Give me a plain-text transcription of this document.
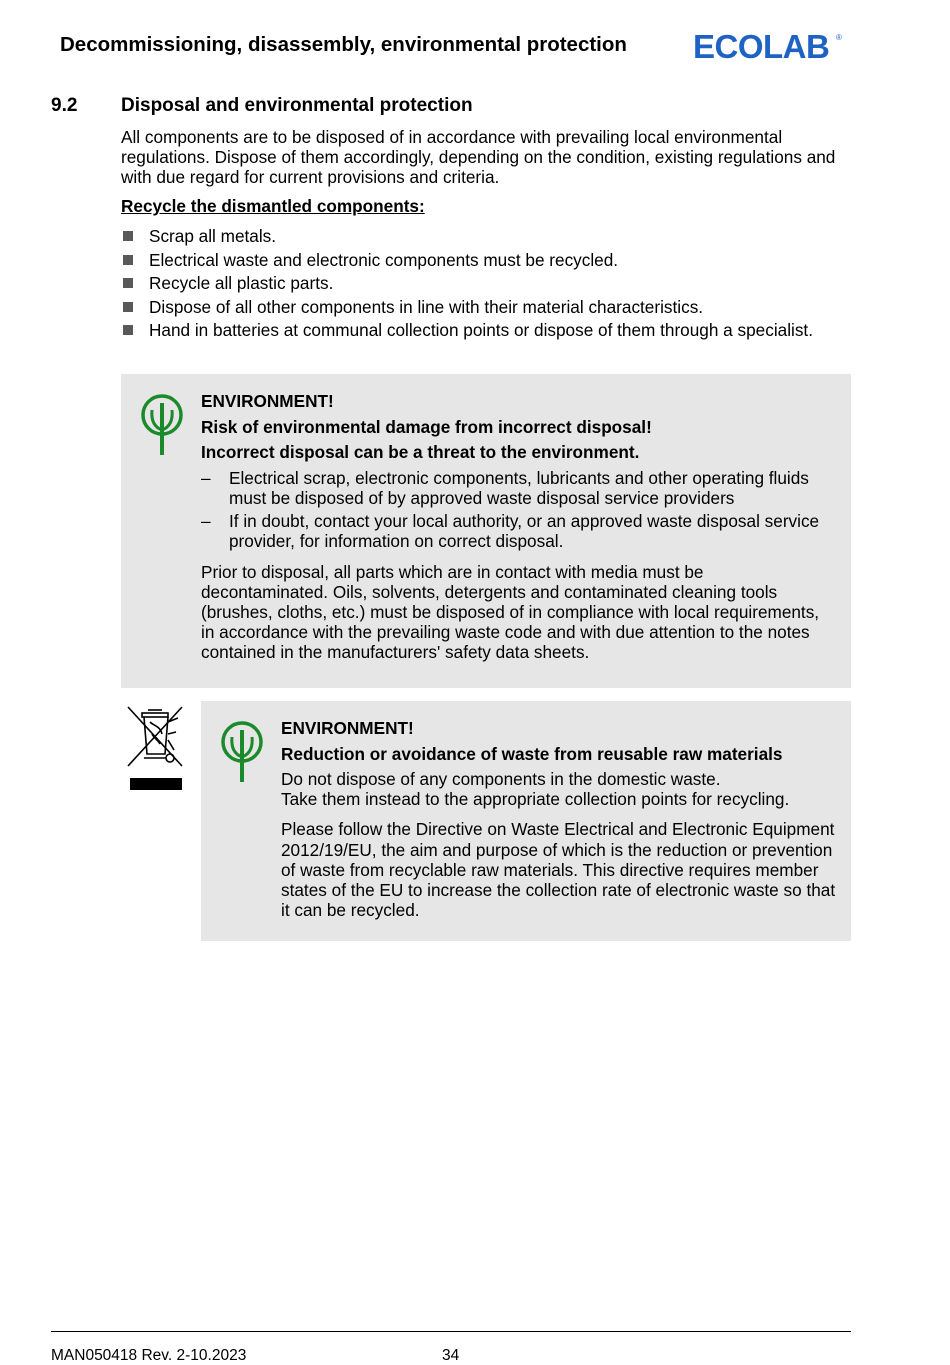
Decommissioning, disassembly, environmental protection ECOLAB ®
9.2 Disposal and environmental protection

All components are to be disposed of in accordance with prevailing local environmental regulations. Dispose of them accordingly, depending on the condition, existing regulations and with due regard for current provisions and criteria.

Recycle the dismantled components:
Scrap all metals.
Electrical waste and electronic components must be recycled.
Recycle all plastic parts.
Dispose of all other components in line with their material characteristics.
Hand in batteries at communal collection points or dispose of them through a specialist.
ENVIRONMENT!
Risk of environmental damage from incorrect disposal!
Incorrect disposal can be a threat to the environment.
– Electrical scrap, electronic components, lubricants and other operating fluids must be disposed of by approved waste disposal service providers
– If in doubt, contact your local authority, or an approved waste disposal service provider, for information on correct disposal.

Prior to disposal, all parts which are in contact with media must be decontaminated. Oils, solvents, detergents and contaminated cleaning tools (brushes, cloths, etc.) must be disposed of in compliance with local requirements, in accordance with the prevailing waste code and with due attention to the notes contained in the manufacturers' safety data sheets.

ENVIRONMENT!
Reduction or avoidance of waste from reusable raw materials
Do not dispose of any components in the domestic waste.
Take them instead to the appropriate collection points for recycling.

Please follow the Directive on Waste Electrical and Electronic Equipment 2012/19/EU, the aim and purpose of which is the reduction or prevention of waste from recyclable raw materials. This directive requires member states of the EU to increase the collection rate of electronic waste so that it can be recycled.

MAN050418 Rev. 2-10.2023	34
